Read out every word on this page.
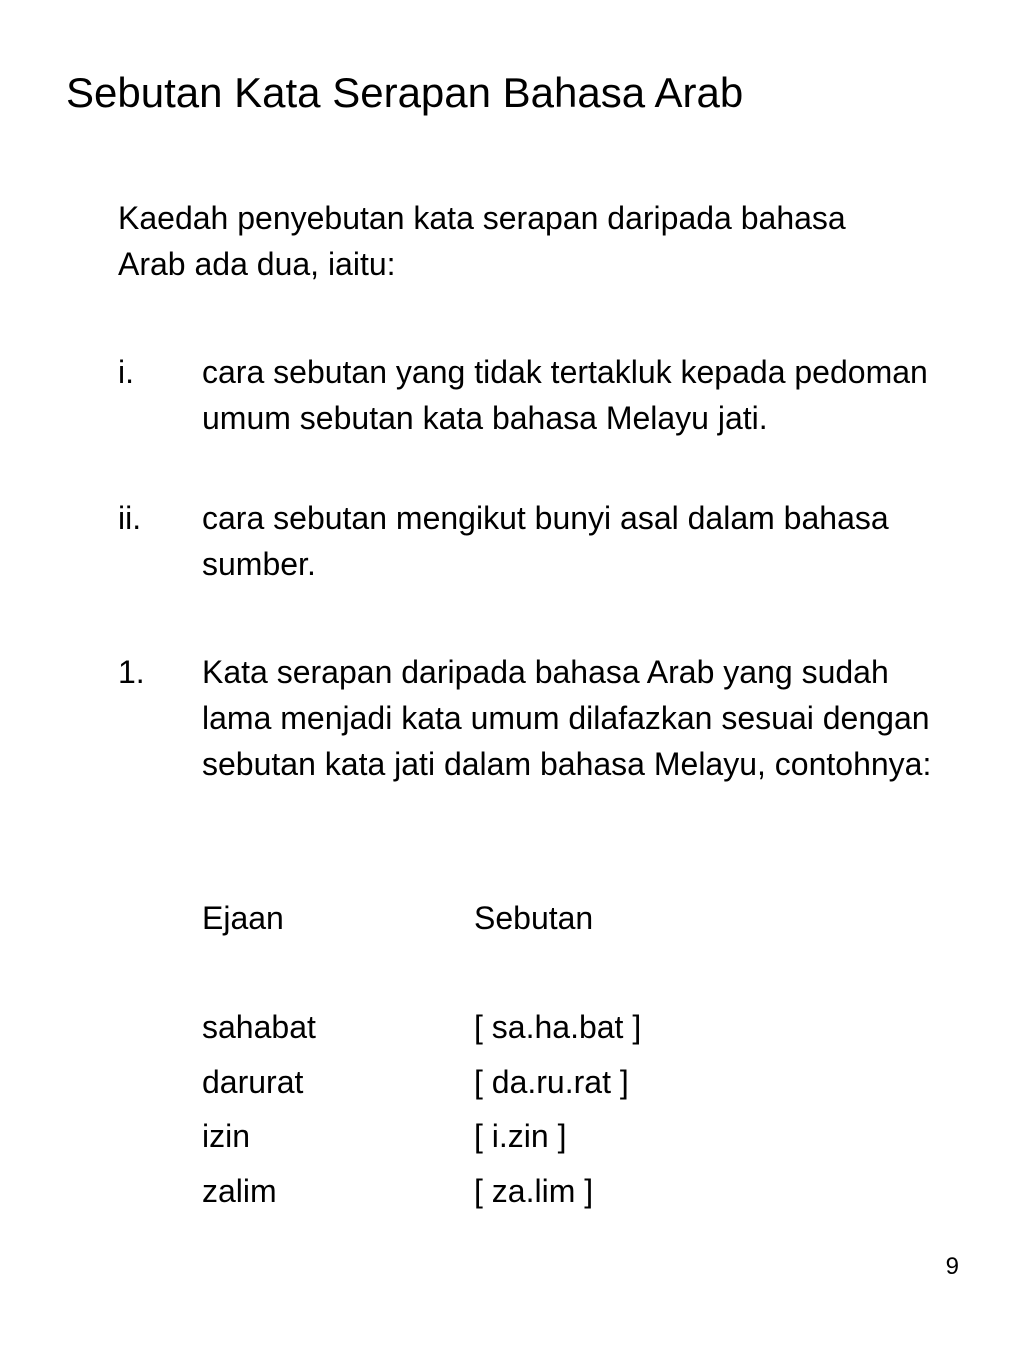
Sebutan Kata Serapan Bahasa Arab

Kaedah penyebutan kata serapan daripada bahasa Arab ada dua, iaitu:

i.	cara sebutan yang tidak tertakluk kepada pedoman umum sebutan kata bahasa Melayu jati.
ii.	cara sebutan mengikut bunyi asal dalam bahasa sumber.
1.	Kata serapan daripada bahasa Arab yang sudah lama menjadi kata umum dilafazkan sesuai dengan sebutan kata jati dalam bahasa Melayu, contohnya:
Ejaan	Sebutan
sahabat	[ sa.ha.bat ]
darurat	[ da.ru.rat ]
izin	[ i.zin ]
zalim	[ za.lim ]
9
